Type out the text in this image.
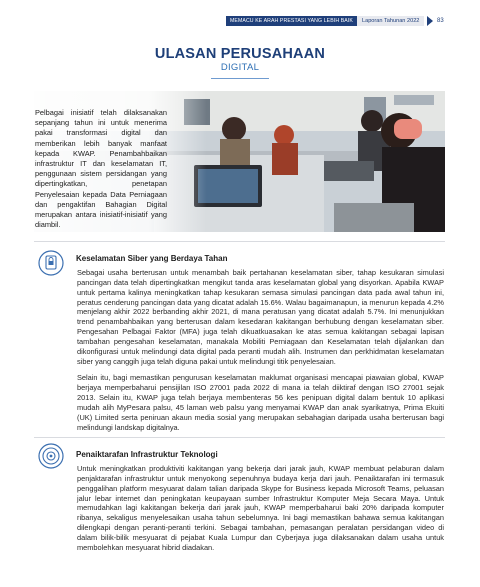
MEMACU KE ARAH PRESTASI YANG LEBIH BAIK	Laporan Tahunan 2022	83
ULASAN PERUSAHAAN
DIGITAL
Pelbagai inisiatif telah dilaksanakan sepanjang tahun ini untuk menerima pakai transformasi digital dan memberikan lebih banyak manfaat kepada KWAP. Penambahbaikan infrastruktur IT dan keselamatan IT, penggunaan sistem persidangan yang dipertingkatkan, penetapan Penyelesaian kepada Data Perniagaan dan pengaktifan Bahagian Digital merupakan antara inisiatif-inisiatif yang diambil.
Keselamatan Siber yang Berdaya Tahan

Sebagai usaha berterusan untuk menambah baik pertahanan keselamatan siber, tahap kesukaran simulasi pancingan data telah dipertingkatkan mengikut tanda aras keselamatan global yang disyorkan. Apabila KWAP untuk pertama kalinya meningkatkan tahap kesukaran semasa simulasi pancingan data pada awal tahun ini, peratus cenderung pancingan data yang dicatat adalah 15.6%. Walau bagaimanapun, ia menurun kepada 4.2% menjelang akhir 2022 berbanding akhir 2021, di mana peratusan yang dicatat adalah 5.7%. Ini menunjukkan trend penambahbaikan yang berterusan dalam kesedaran kakitangan berhubung dengan keselamatan siber. Pengesahan Pelbagai Faktor (MFA) juga telah dikuatkuasakan ke atas semua kakitangan sebagai lapisan tambahan pengesahan keselamatan, manakala Mobiliti Perniagaan dan Keselamatan telah dijalankan dan dikonfigurasi untuk melindungi data digital pada peranti mudah alih. Instrumen dan perkhidmatan keselamatan siber yang canggih juga telah diguna pakai untuk melindungi titik penyelesaian.

Selain itu, bagi memastikan pengurusan keselamatan maklumat organisasi mencapai piawaian global, KWAP berjaya memperbaharui pensijilan ISO 27001 pada 2022 di mana ia telah diiktiraf dengan ISO 27001 sejak 2013. Selain itu, KWAP juga telah berjaya membenteras 56 kes penipuan digital dalam bentuk 10 aplikasi mudah alih MyPesara palsu, 45 laman web palsu yang menyamai KWAP dan anak syarikatnya, Prima Ekuiti (UK) Limited serta peniruan akaun media sosial yang merupakan sebahagian daripada usaha berterusan bagi melindungi landskap digitalnya.

Penaiktarafan Infrastruktur Teknologi

Untuk meningkatkan produktiviti kakitangan yang bekerja dari jarak jauh, KWAP membuat pelaburan dalam penjaktarafan infrastruktur untuk menyokong sepenuhnya budaya kerja dari jauh. Penaiktarafan ini termasuk penggalihan platform mesyuarat dalam talian daripada Skype for Business kepada Microsoft Teams, peluasan jalur lebar internet dan peningkatan keupayaan sumber Infrastruktur Komputer Meja Secara Maya. Untuk memudahkan lagi kakitangan bekerja dari jarak jauh, KWAP memperbaharui baki 20% daripada komputer ribanya, sekaligus menyelesaikan usaha tahun sebelumnya. Ini bagi memastikan bahawa semua kakitangan dilengkapi dengan peranti-peranti terkini. Sebagai tambahan, pemasangan peralatan persidangan video di dalam bilik-bilik mesyuarat di pejabat Kuala Lumpur dan Cyberjaya juga dilaksanakan dalam usaha untuk membolehkan mesyuarat hibrid diadakan.
